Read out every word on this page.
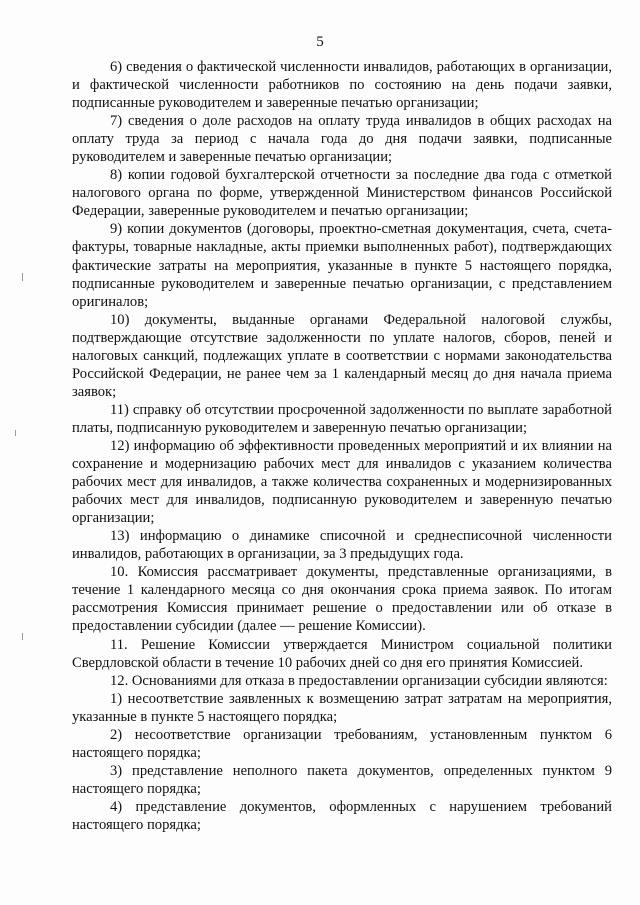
5

6) сведения о фактической численности инвалидов, работающих в организации, и фактической численности работников по состоянию на день подачи заявки, подписанные руководителем и заверенные печатью организации;

7) сведения о доле расходов на оплату труда инвалидов в общих расходах на оплату труда за период с начала года до дня подачи заявки, подписанные руководителем и заверенные печатью организации;

8) копии годовой бухгалтерской отчетности за последние два года с отметкой налогового органа по форме, утвержденной Министерством финансов Российской Федерации, заверенные руководителем и печатью организации;

9) копии документов (договоры, проектно-сметная документация, счета, счета-фактуры, товарные накладные, акты приемки выполненных работ), подтверждающих фактические затраты на мероприятия, указанные в пункте 5 настоящего порядка, подписанные руководителем и заверенные печатью организации, с представлением оригиналов;

10) документы, выданные органами Федеральной налоговой службы, подтверждающие отсутствие задолженности по уплате налогов, сборов, пеней и налоговых санкций, подлежащих уплате в соответствии с нормами законодательства Российской Федерации, не ранее чем за 1 календарный месяц до дня начала приема заявок;

11) справку об отсутствии просроченной задолженности по выплате заработной платы, подписанную руководителем и заверенную печатью организации;

12) информацию об эффективности проведенных мероприятий и их влиянии на сохранение и модернизацию рабочих мест для инвалидов с указанием количества рабочих мест для инвалидов, а также количества сохраненных и модернизированных рабочих мест для инвалидов, подписанную руководителем и заверенную печатью организации;

13) информацию о динамике списочной и среднесписочной численности инвалидов, работающих в организации, за 3 предыдущих года.

10. Комиссия рассматривает документы, представленные организациями, в течение 1 календарного месяца со дня окончания срока приема заявок. По итогам рассмотрения Комиссия принимает решение о предоставлении или об отказе в предоставлении субсидии (далее — решение Комиссии).

11. Решение Комиссии утверждается Министром социальной политики Свердловской области в течение 10 рабочих дней со дня его принятия Комиссией.

12. Основаниями для отказа в предоставлении организации субсидии являются:

1) несоответствие заявленных к возмещению затрат затратам на мероприятия, указанные в пункте 5 настоящего порядка;

2) несоответствие организации требованиям, установленным пунктом 6 настоящего порядка;

3) представление неполного пакета документов, определенных пунктом 9 настоящего порядка;

4) представление документов, оформленных с нарушением требований настоящего порядка;
